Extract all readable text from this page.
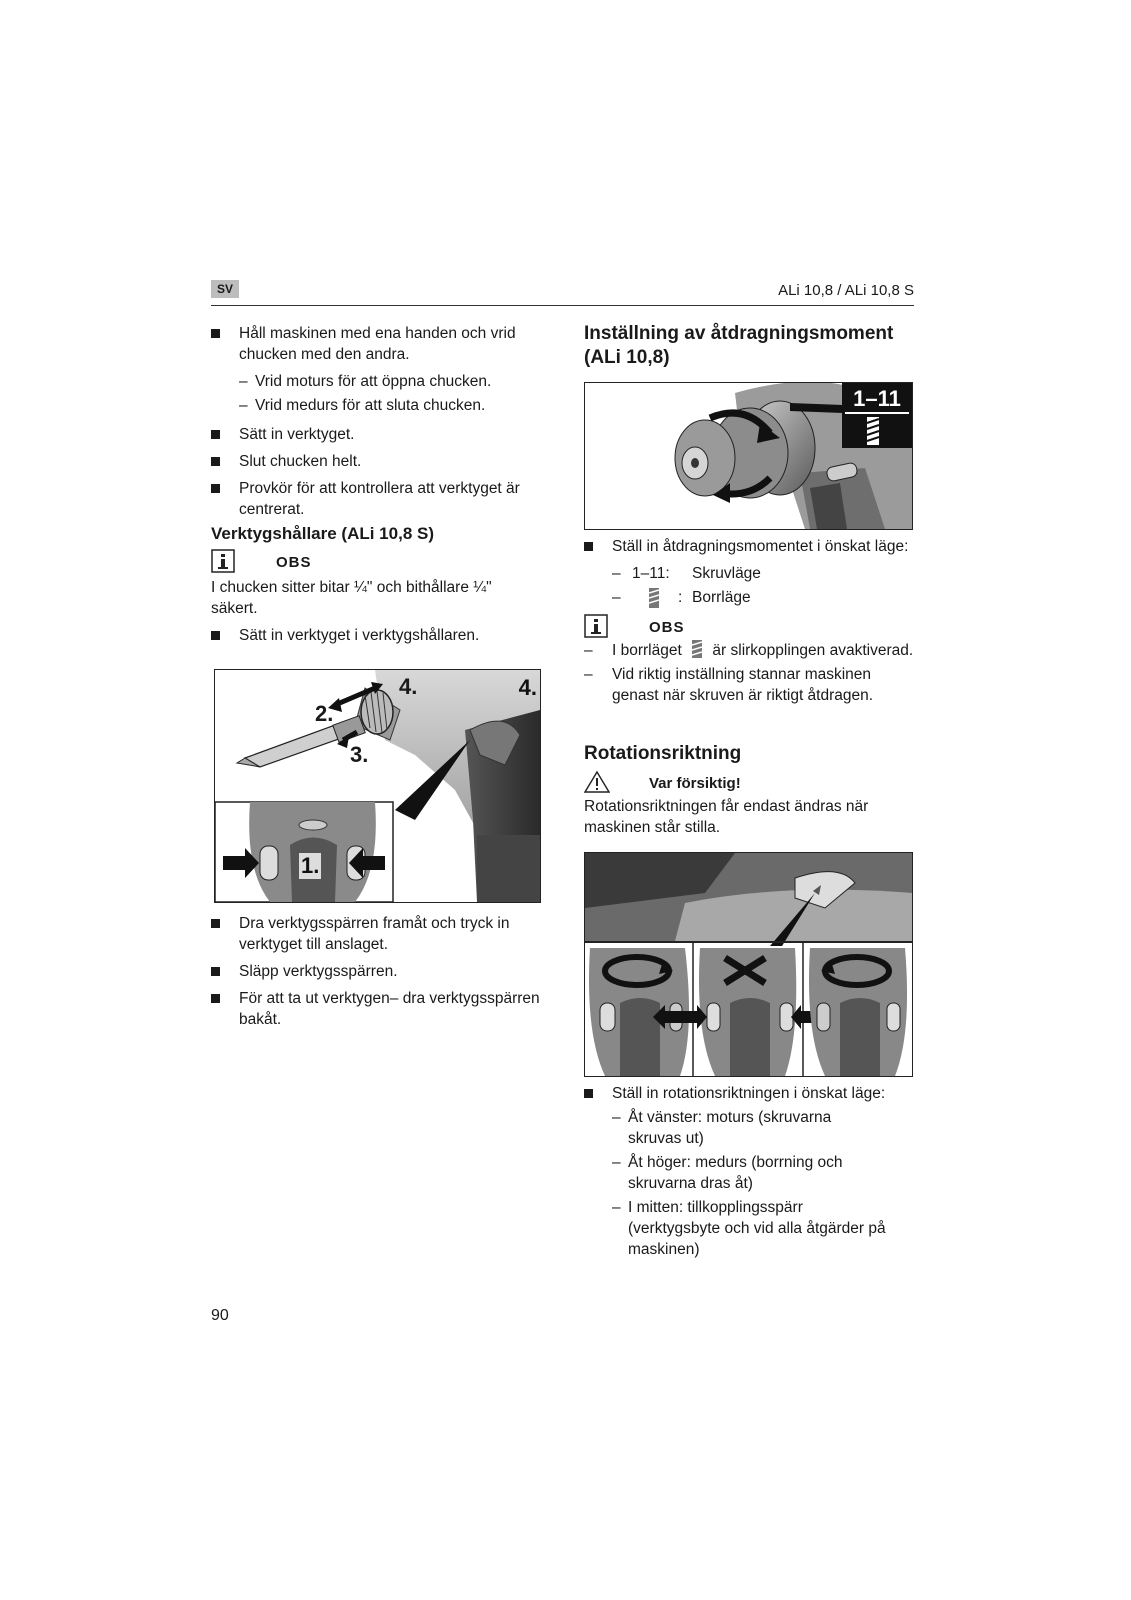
SV	ALi 10,8 / ALi 10,8 S
Håll maskinen med ena handen och vrid chucken med den andra.
– Vrid moturs för att öppna chucken.
– Vrid medurs för att sluta chucken.
Sätt in verktyget.
Slut chucken helt.
Provkör för att kontrollera att verktyget är centrerat.
Verktygshållare (ALi 10,8 S)
OBS
I chucken sitter bitar ¼" och bithållare ¼" säkert.
Sätt in verktyget i verktygshållaren.
4.
4.
2.
3.
1.
Dra verktygsspärren framåt och tryck in verktyget till anslaget.
Släpp verktygsspärren.
För att ta ut verktygen– dra verktygsspärren bakåt.
Inställning av åtdragningsmoment (ALi 10,8)
1–11
Ställ in åtdragningsmomentet i önskat läge:
– 1–11: Skruvläge
–	: Borrläge
OBS
– I borrläget är slirkopplingen avaktiverad.
– Vid riktig inställning stannar maskinen genast när skruven är riktigt åtdragen.
Rotationsriktning
Var försiktig!
Rotationsriktningen får endast ändras när maskinen står stilla.
Ställ in rotationsriktningen i önskat läge:
– Åt vänster: moturs (skruvarna skruvas ut)
– Åt höger: medurs (borrning och skruvarna dras åt)
– I mitten: tillkopplingsspärr (verktygsbyte och vid alla åtgärder på maskinen)
90
